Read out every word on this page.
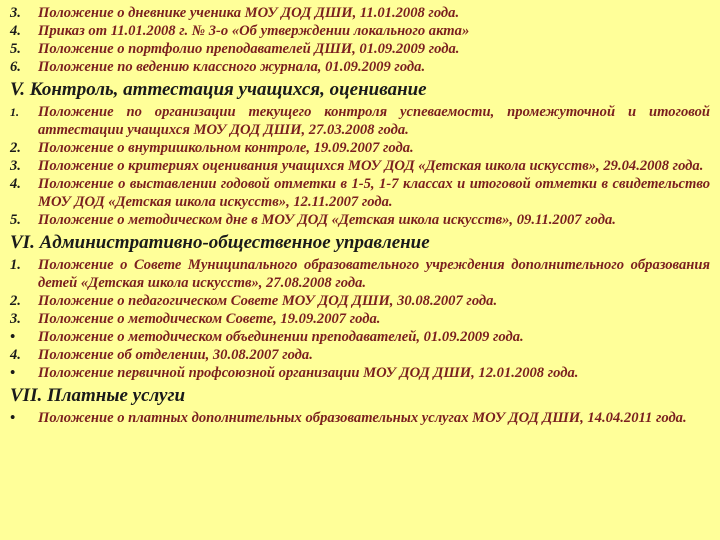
3.	Положение о дневнике ученика МОУ ДОД ДШИ, 11.01.2008 года.
4.	Приказ от 11.01.2008 г. № 3-о «Об утверждении локального акта»
5.	Положение о портфолио преподавателей ДШИ, 01.09.2009 года.
6.	Положение по ведению классного журнала, 01.09.2009 года.
V. Контроль, аттестация учащихся, оценивание
1.	Положение по организации текущего контроля успеваемости, промежуточной и итоговой аттестации учащихся МОУ ДОД ДШИ, 27.03.2008 года.
2.	Положение о внутришкольном контроле, 19.09.2007 года.
3.	Положение о критериях оценивания учащихся МОУ ДОД «Детская школа искусств», 29.04.2008 года.
4.	Положение о выставлении годовой отметки в 1-5, 1-7 классах и итоговой отметки в свидетельство МОУ ДОД «Детская школа искусств», 12.11.2007 года.
5.	Положение о методическом дне в МОУ ДОД «Детская школа искусств», 09.11.2007 года.
VI. Административно-общественное управление
1.	Положение о Совете Муниципального образовательного учреждения дополнительного образования детей «Детская школа искусств», 27.08.2008 года.
2.	Положение о педагогическом Совете МОУ ДОД ДШИ, 30.08.2007 года.
3.	Положение о методическом Совете, 19.09.2007 года.
•	Положение о методическом объединении преподавателей, 01.09.2009 года.
4.	Положение об отделении, 30.08.2007 года.
•	Положение первичной профсоюзной организации МОУ ДОД ДШИ, 12.01.2008 года.
VII. Платные услуги
•	Положение о платных дополнительных образовательных услугах МОУ ДОД ДШИ, 14.04.2011 года.
